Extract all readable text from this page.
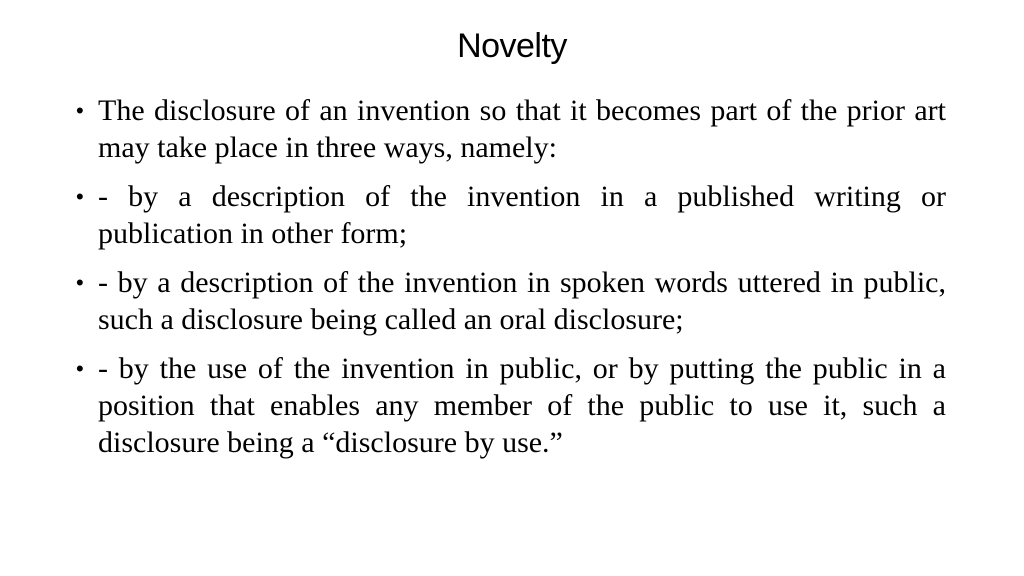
Novelty
• The disclosure of an invention so that it becomes part of the prior art may take place in three ways, namely:
• - by a description of the invention in a published writing or publication in other form;
• - by a description of the invention in spoken words uttered in public, such a disclosure being called an oral disclosure;
• - by the use of the invention in public, or by putting the public in a position that enables any member of the public to use it, such a disclosure being a “disclosure by use.”
